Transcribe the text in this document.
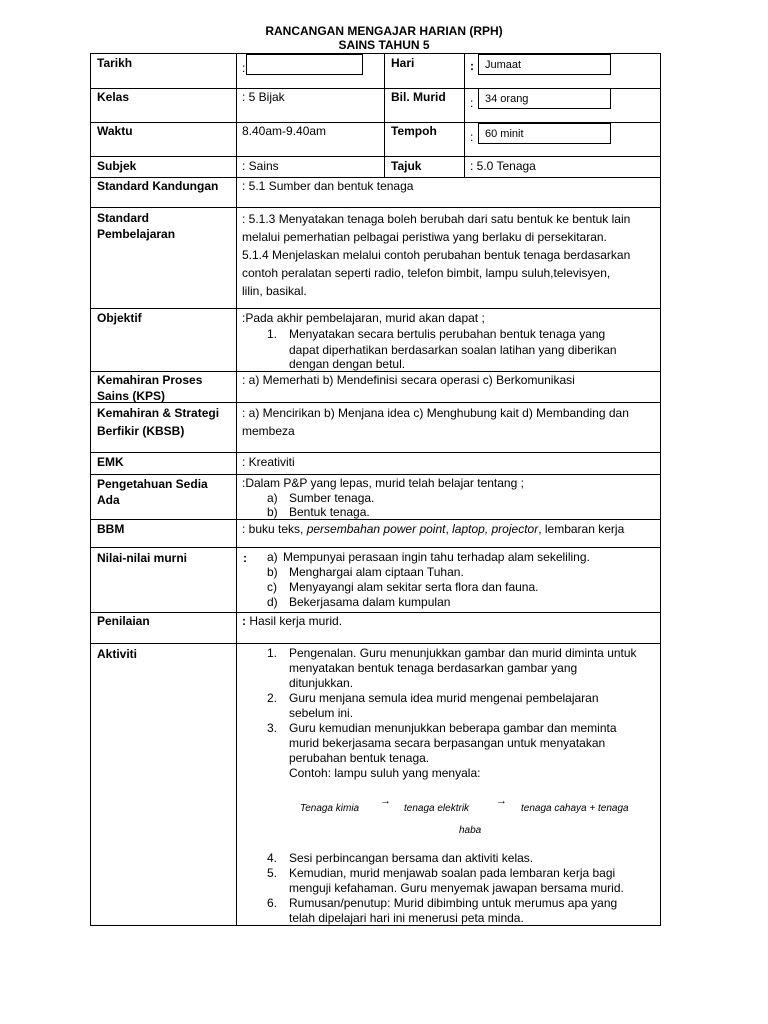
RANCANGAN MENGAJAR HARIAN (RPH)
SAINS TAHUN 5
Tarikh	:	Hari	:	Jumaat
Kelas	: 5 Bijak	Bil. Murid :	34 orang
Waktu	8.40am-9.40am	Tempoh	:	60 minit
Subjek	: Sains	Tajuk	: 5.0 Tenaga
Standard Kandungan : 5.1 Sumber dan bentuk tenaga
Standard Pembelajaran
: 5.1.3 Menyatakan tenaga boleh berubah dari satu bentuk ke bentuk lain
melalui pemerhatian pelbagai peristiwa yang berlaku di persekitaran.
5.1.4 Menjelaskan melalui contoh perubahan bentuk tenaga berdasarkan
contoh peralatan seperti radio, telefon bimbit, lampu suluh,televisyen,
lilin, basikal.
Objektif	:Pada akhir pembelajaran, murid akan dapat ;
1. Menyatakan secara bertulis perubahan bentuk tenaga yang
dapat diperhatikan berdasarkan soalan latihan yang diberikan
dengan dengan betul.
Kemahiran Proses
Sains (KPS)
: a) Memerhati b) Mendefinisi secara operasi c) Berkomunikasi
Kemahiran & Strategi
Berfikir (KBSB)
: a) Mencirikan b) Menjana idea c) Menghubung kait d) Membanding dan
membeza
EMK	: Kreativiti
Pengetahuan Sedia
Ada
:Dalam P&P yang lepas, murid telah belajar tentang ;
a) Sumber tenaga.
b) Bentuk tenaga.
BBM	: buku teks, persembahan power point, laptop, projector, lembaran kerja
Nilai-nilai murni	: a) Mempunyai perasaan ingin tahu terhadap alam sekeliling.
b) Menghargai alam ciptaan Tuhan.
c) Menyayangi alam sekitar serta flora dan fauna.
d) Bekerjasama dalam kumpulan
Penilaian	: Hasil kerja murid.
Aktiviti	1. Pengenalan. Guru menunjukkan gambar dan murid diminta untuk
menyatakan bentuk tenaga berdasarkan gambar yang
ditunjukkan.
2. Guru menjana semula idea murid mengenai pembelajaran
sebelum ini.
3. Guru kemudian menunjukkan beberapa gambar dan meminta
murid bekerjasama secara berpasangan untuk menyatakan
perubahan bentuk tenaga.
Contoh: lampu suluh yang menyala:
Tenaga kimia
→
tenaga elektrik
→
tenaga cahaya + tenaga
haba
4. Sesi perbincangan bersama dan aktiviti kelas.
5. Kemudian, murid menjawab soalan pada lembaran kerja bagi
menguji kefahaman. Guru menyemak jawapan bersama murid.
6. Rumusan/penutup: Murid dibimbing untuk merumus apa yang
telah dipelajari hari ini menerusi peta minda.
